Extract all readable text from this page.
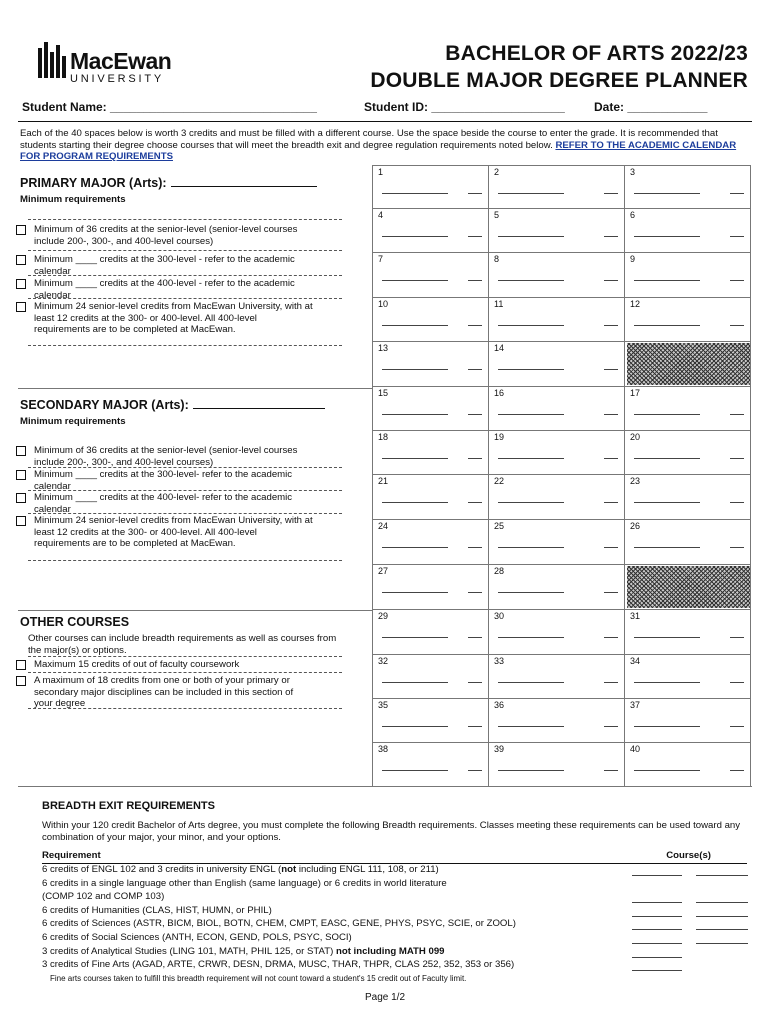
MacEwan
UNIVERSITY
BACHELOR OF ARTS 2022/23
DOUBLE MAJOR DEGREE PLANNER
Student Name: _______________________________	Student ID: ____________________ Date: ____________
Each of the 40 spaces below is worth 3 credits and must be filled with a different course. Use the space beside the course to enter the grade. It is recommended that students starting their degree choose courses that will meet the breadth exit and degree regulation requirements noted below. REFER TO THE ACADEMIC CALENDAR FOR PROGRAM REQUIREMENTS
1	2	3
4	5	6
7	8	9
10	11	12
13	14
15	16	17
18	19	20
21	22	23
24	25	26
27	28
29	30	31
32	33	34
35	36	37
38	39	40
PRIMARY MAJOR (Arts):
Minimum requirements
Minimum of 36 credits at the senior-level (senior-level courses include 200-, 300-, and 400-level courses)
Minimum ____ credits at the 300-level - refer to the academic calendar
Minimum ____ credits at the 400-level - refer to the academic calendar
Minimum 24 senior-level credits from MacEwan University, with at least 12 credits at the 300- or 400-level. All 400-level requirements are to be completed at MacEwan.
SECONDARY MAJOR (Arts):
Minimum requirements
Minimum of 36 credits at the senior-level (senior-level courses include 200-, 300-, and 400-level courses)
Minimum ____ credits at the 300-level- refer to the academic calendar
Minimum ____ credits at the 400-level- refer to the academic calendar
Minimum 24 senior-level credits from MacEwan University, with at least 12 credits at the 300- or 400-level. All 400-level requirements are to be completed at MacEwan.
OTHER COURSES
Other courses can include breadth requirements as well as courses from the major(s) or options.
Maximum 15 credits of out of faculty coursework
A maximum of 18 credits from one or both of your primary or secondary major disciplines can be included in this section of your degree
BREADTH EXIT REQUIREMENTS
Within your 120 credit Bachelor of Arts degree, you must complete the following Breadth requirements. Classes meeting these requirements can be used toward any combination of your major, your minor, and your options.
Requirement	Course(s)
6 credits of ENGL 102 and 3 credits in university ENGL (not including ENGL 111, 108, or 211)
6 credits in a single language other than English (same language) or 6 credits in world literature
(COMP 102 and COMP 103)
6 credits of Humanities (CLAS, HIST, HUMN, or PHIL)
6 credits of Sciences (ASTR, BICM, BIOL, BOTN, CHEM, CMPT, EASC, GENE, PHYS, PSYC, SCIE, or ZOOL)
6 credits of Social Sciences (ANTH, ECON, GEND, POLS, PSYC, SOCI)
3 credits of Analytical Studies (LING 101, MATH, PHIL 125, or STAT) not including MATH 099
3 credits of Fine Arts (AGAD, ARTE, CRWR, DESN, DRMA, MUSC, THAR, THPR, CLAS 252, 352, 353 or 356)
Fine arts courses taken to fulfill this breadth requirement will not count toward a student's 15 credit out of Faculty limit.
Page 1/2
